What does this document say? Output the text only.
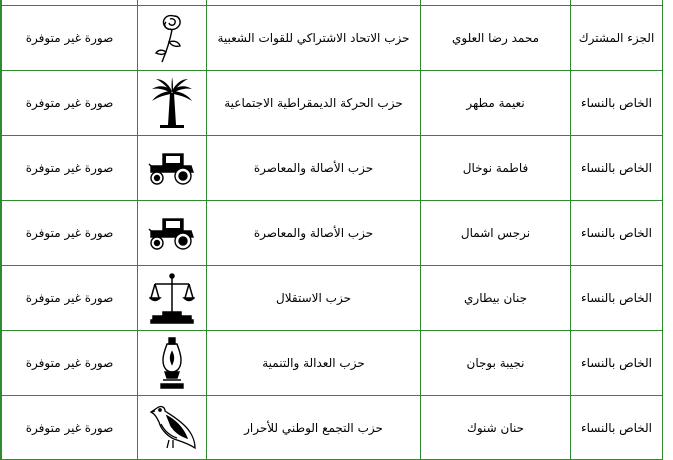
الجزء المشترك
محمد رضا العلوي
حزب الاتحاد الاشتراكي للقوات الشعبية
صورة غير متوفرة
الخاص بالنساء
نعيمة مطهر
حزب الحركة الديمقراطية الاجتماعية
صورة غير متوفرة
الخاص بالنساء
فاطمة نوخال
حزب الأصالة والمعاصرة
صورة غير متوفرة
الخاص بالنساء
نرجس اشمال
حزب الأصالة والمعاصرة
صورة غير متوفرة
الخاص بالنساء
جنان بيطاري
حزب الاستقلال
صورة غير متوفرة
الخاص بالنساء
نجيبة بوجان
حزب العدالة والتنمية
صورة غير متوفرة
الخاص بالنساء
حنان شنوك
حزب التجمع الوطني للأحرار
صورة غير متوفرة
